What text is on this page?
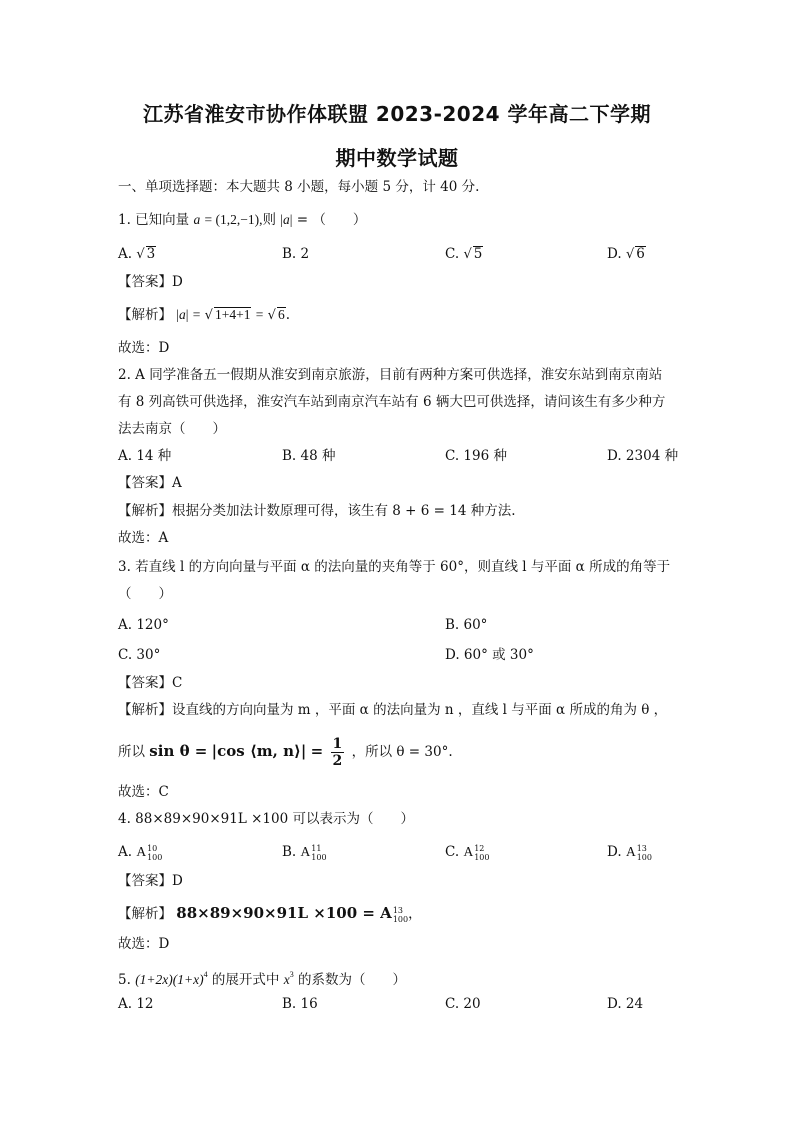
江苏省淮安市协作体联盟 2023-2024 学年高二下学期
期中数学试题
一、单项选择题：本大题共 8 小题，每小题 5 分，计 40 分.
1. 已知向量 a = (1,2,−1),则 |a| = （　　）
A. √ 3	B. 2	C. √ 5	D. √ 6
【答案】D
【解析】 |a| = √ 1+4+1 = √ 6.
故选：D
2. A 同学准备五一假期从淮安到南京旅游，目前有两种方案可供选择，淮安东站到南京南站
有 8 列高铁可供选择，淮安汽车站到南京汽车站有 6 辆大巴可供选择，请问该生有多少种方
法去南京（　　）
A. 14 种	B. 48 种	C. 196 种	D. 2304 种
【答案】A
【解析】根据分类加法计数原理可得，该生有 8 + 6 = 14 种方法.
故选：A
3. 若直线 l 的方向向量与平面 α 的法向量的夹角等于 60°，则直线 l 与平面 α 所成的角等于
（　　）
A. 120°	B. 60°
C. 30°	D. 60° 或 30°
【答案】C
【解析】设直线的方向向量为 m ，平面 α 的法向量为 n ，直线 l 与平面 α 所成的角为 θ ，
所以 sin θ = |cos ⟨m, n⟩| = $\frac{1}{2}$ ，所以 θ = 30°.
故选：C
4. 88×89×90×91L ×100 可以表示为（　　）
A. A10
100	B. A11
100	C. A12
100	D. A13
100
【答案】D
【解析】 88×89×90×91L ×100 = A13
100，
故选：D
5. $(1+2x)(1+x)^4$ 的展开式中 $x^3$ 的系数为（　　）
A. 12	B. 16	C. 20	D. 24
